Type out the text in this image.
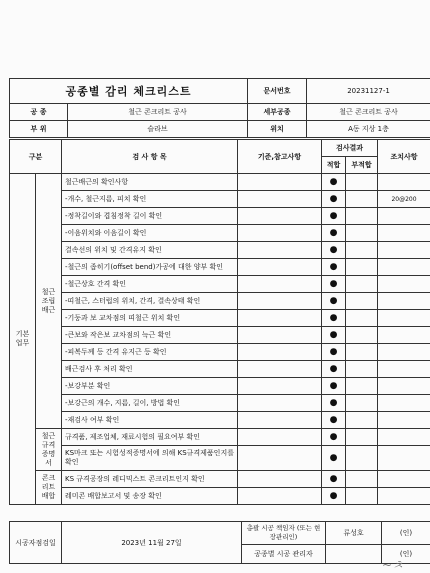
공종별 감리 체크리스트		문서번호	20231127-1
공 종	철근 콘크리트 공사	세부공종	철근 콘크리트 공사
부 위	슬라브	위치	A동 지상 1층
구분		검 사 항 목	기준,참고사항	검사결과		조치사항
				적합	부적합	
기본업무	철근 조립 배근	철근배근의 확인사항		●		
		-개수, 철근지름, 피치 확인		●		20@200
		-정착길이와 겹침정착 길이 확인		●		
		-이음위치와 이음길이 확인		●		
		결속선의 위치 및 간격유지 확인		●		
		-철근의 좁히기(offset bend)가공에 대한 양부 확인		●		
		-철근상호 간격 확인		●		
		-띠철근, 스터럽의 위치, 간격, 결속상태 확인		●		
		-기둥과 보 교차점의 띠철근 위치 확인		●		
		-큰보와 작은보 교차점의 늑근 확인		●		
		-피복두께 등 간격 유지근 등 확인		●		
		배근검사 후 처리 확인		●		
		-보강부분 확인		●		
		-보강근의 개수, 지름, 길이, 방법 확인		●		
		-재검사 여부 확인		●		
	철근 규격 증명서	규격품, 제조업체, 재료시험의 필요여부 확인		●		
		KS마크 또는 시험성적증명서에 의해 KS규격제품인지를 확인		●		
	콘크리트 배합	KS 규격공장의 레디믹스트 콘크리트인지 확인		●		
		레미콘 배합보고서 및 송장 확인		●		
시공자점검일	2023년 11월 27일	총괄 시공 책임자 (또는 현장관리인)	류성호	(인)
		공종별 시공 관리자		(인)
~ㅊ
